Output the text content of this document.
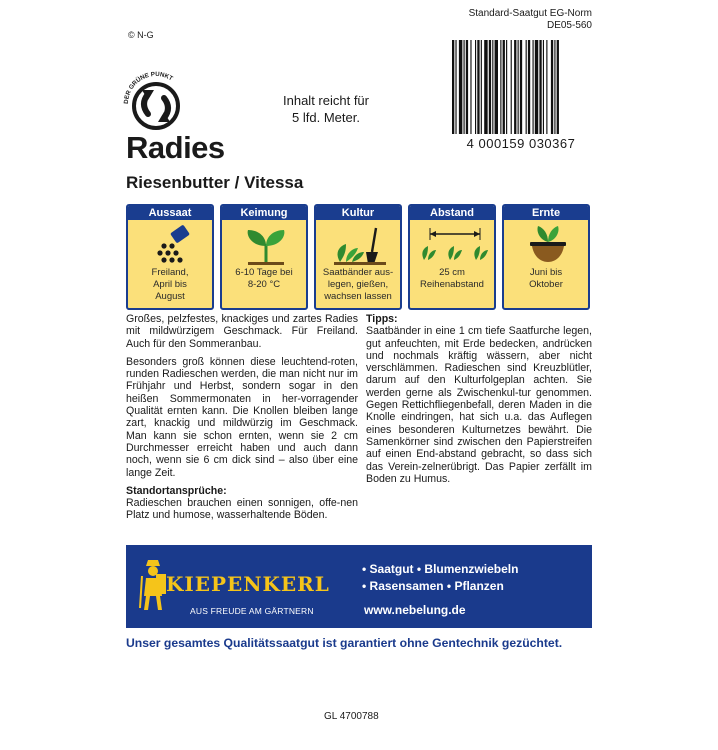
© N-G
Standard-Saatgut EG-Norm
DE05-560
DER GRÜNE PUNKT
Inhalt reicht für
5 lfd. Meter.
4 000159 030367
Radies
Riesenbutter / Vitessa
Aussaat
Freiland,
April bis
August
Keimung
6-10 Tage bei
8-20 °C
Kultur
Saatbänder aus-
legen, gießen,
wachsen lassen
Abstand
25 cm
Reihenabstand
Ernte
Juni bis
Oktober

Großes, pelzfestes, knackiges und zartes Radies mit mildwürzigem Geschmack. Für Freiland. Auch für den Sommeranbau.

Besonders groß können diese leuchtend-roten, runden Radieschen werden, die man nicht nur im Frühjahr und Herbst, sondern sogar in den heißen Sommermonaten in her-vorragender Qualität ernten kann. Die Knollen bleiben lange zart, knackig und mildwürzig im Geschmack. Man kann sie schon ernten, wenn sie 2 cm Durchmesser erreicht haben und auch dann noch, wenn sie 6 cm dick sind – also über eine lange Zeit.

Standortansprüche:

Radieschen brauchen einen sonnigen, offe-nen Platz und humose, wasserhaltende Böden.

Tipps:

Saatbänder in eine 1 cm tiefe Saatfurche legen, gut anfeuchten, mit Erde bedecken, andrücken und nochmals kräftig wässern, aber nicht verschlämmen. Radieschen sind Kreuzblütler, darum auf den Kulturfolgeplan achten. Sie werden gerne als Zwischenkul-tur genommen. Gegen Rettichfliegenbefall, deren Maden in die Knolle eindringen, hat sich u.a. das Auflegen eines besonderen Kulturnetzes bewährt. Die Samenkörner sind zwischen den Papierstreifen auf einen End-abstand gebracht, so dass sich das Verein-zelnerübrigt. Das Papier zerfällt im Boden zu Humus.

KIEPENKERL
AUS FREUDE AM GÄRTNERN
• Saatgut • Blumenzwiebeln
• Rasensamen • Pflanzen
www.nebelung.de
Unser gesamtes Qualitätssaatgut ist garantiert ohne Gentechnik gezüchtet.
GL 4700788
